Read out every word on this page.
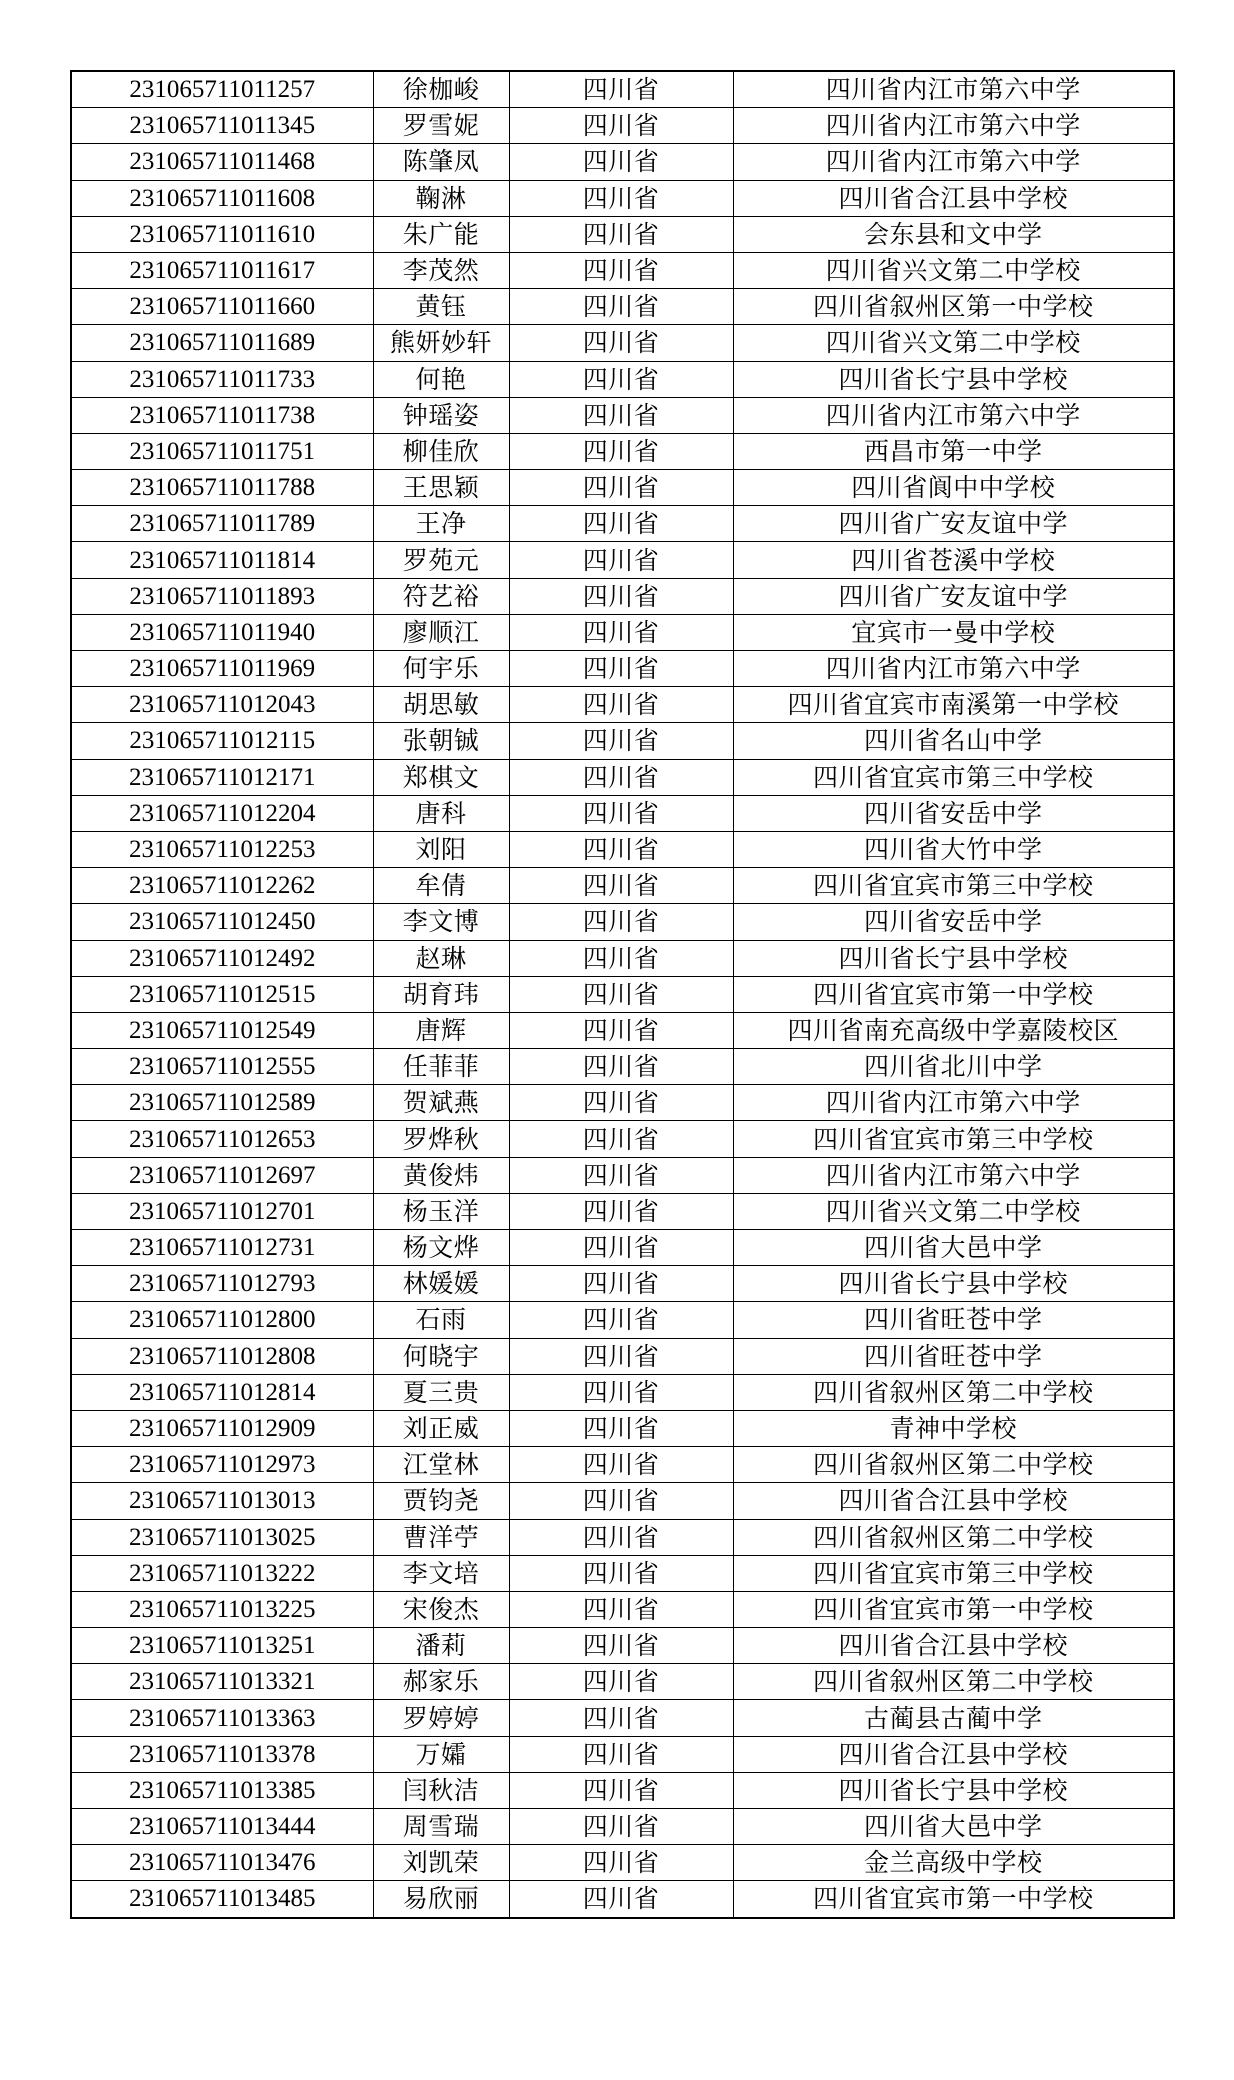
231065711011257	徐枷峻	四川省	四川省内江市第六中学
231065711011345	罗雪妮	四川省	四川省内江市第六中学
231065711011468	陈肇凤	四川省	四川省内江市第六中学
231065711011608	鞠淋	四川省	四川省合江县中学校
231065711011610	朱广能	四川省	会东县和文中学
231065711011617	李茂然	四川省	四川省兴文第二中学校
231065711011660	黄钰	四川省	四川省叙州区第一中学校
231065711011689	熊妍妙轩	四川省	四川省兴文第二中学校
231065711011733	何艳	四川省	四川省长宁县中学校
231065711011738	钟瑶姿	四川省	四川省内江市第六中学
231065711011751	柳佳欣	四川省	西昌市第一中学
231065711011788	王思颖	四川省	四川省阆中中学校
231065711011789	王净	四川省	四川省广安友谊中学
231065711011814	罗苑元	四川省	四川省苍溪中学校
231065711011893	符艺裕	四川省	四川省广安友谊中学
231065711011940	廖顺江	四川省	宜宾市一曼中学校
231065711011969	何宇乐	四川省	四川省内江市第六中学
231065711012043	胡思敏	四川省	四川省宜宾市南溪第一中学校
231065711012115	张朝铖	四川省	四川省名山中学
231065711012171	郑棋文	四川省	四川省宜宾市第三中学校
231065711012204	唐科	四川省	四川省安岳中学
231065711012253	刘阳	四川省	四川省大竹中学
231065711012262	牟倩	四川省	四川省宜宾市第三中学校
231065711012450	李文博	四川省	四川省安岳中学
231065711012492	赵琳	四川省	四川省长宁县中学校
231065711012515	胡育玮	四川省	四川省宜宾市第一中学校
231065711012549	唐辉	四川省	四川省南充高级中学嘉陵校区
231065711012555	任菲菲	四川省	四川省北川中学
231065711012589	贺斌燕	四川省	四川省内江市第六中学
231065711012653	罗烨秋	四川省	四川省宜宾市第三中学校
231065711012697	黄俊炜	四川省	四川省内江市第六中学
231065711012701	杨玉洋	四川省	四川省兴文第二中学校
231065711012731	杨文烨	四川省	四川省大邑中学
231065711012793	林媛媛	四川省	四川省长宁县中学校
231065711012800	石雨	四川省	四川省旺苍中学
231065711012808	何晓宇	四川省	四川省旺苍中学
231065711012814	夏三贵	四川省	四川省叙州区第二中学校
231065711012909	刘正威	四川省	青神中学校
231065711012973	江堂林	四川省	四川省叙州区第二中学校
231065711013013	贾钧尧	四川省	四川省合江县中学校
231065711013025	曹洋苧	四川省	四川省叙州区第二中学校
231065711013222	李文培	四川省	四川省宜宾市第三中学校
231065711013225	宋俊杰	四川省	四川省宜宾市第一中学校
231065711013251	潘莉	四川省	四川省合江县中学校
231065711013321	郝家乐	四川省	四川省叙州区第二中学校
231065711013363	罗婷婷	四川省	古蔺县古蔺中学
231065711013378	万孀	四川省	四川省合江县中学校
231065711013385	闫秋洁	四川省	四川省长宁县中学校
231065711013444	周雪瑞	四川省	四川省大邑中学
231065711013476	刘凯荣	四川省	金兰高级中学校
231065711013485	易欣丽	四川省	四川省宜宾市第一中学校
